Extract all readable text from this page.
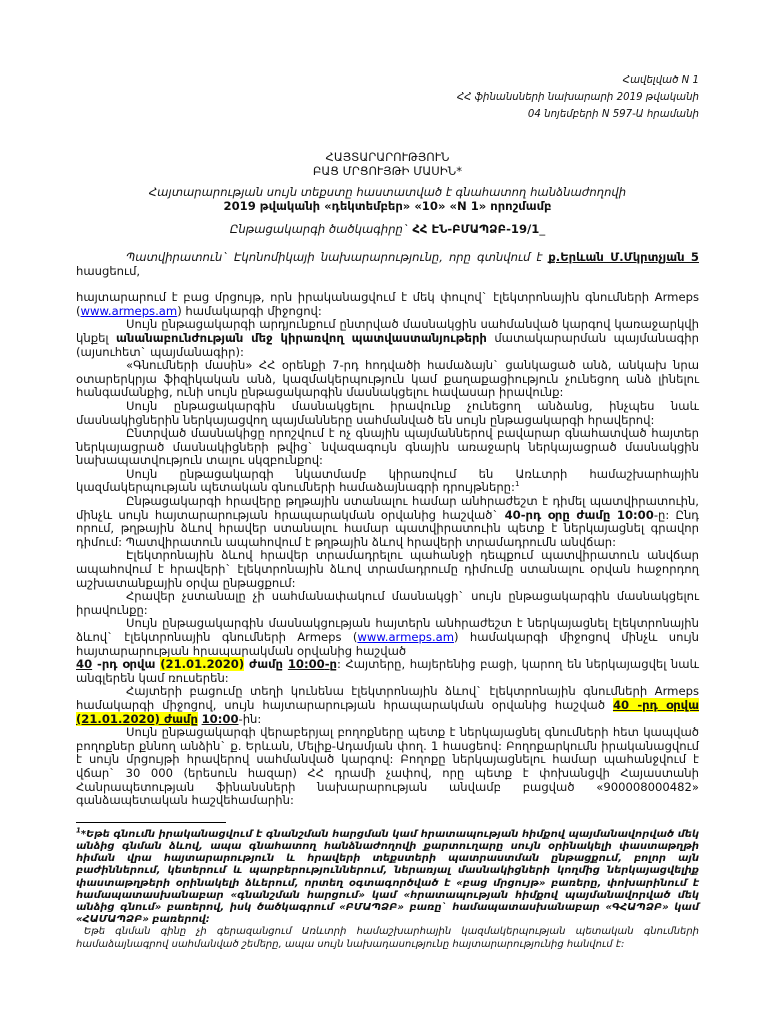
Հավելված N 1
ՀՀ ֆինանսների նախարարի 2019 թվականի
04 նոյեմբերի N 597-Ա հրամանի
ՀԱՅՏԱՐԱՐՈՒԹՅՈՒՆ
ԲԱՑ ՄՐՑՈՒՅԹԻ ՄԱՍԻՆ*
Հայտարարության սույն տեքստը հաստատված է գնահատող հանձնաժողովի
2019 թվականի «դեկտեմբեր» «10» «N 1» որոշմամբ
Ընթացակարգի ծածկագիրը` ՀՀ ԷՆ-ԲՄԱՊՁԲ-19/1_
Պատվիրատուն` Էկոնոմիկայի նախարարությունը, որը գտնվում է ք.Երևան Մ.Մկրտչյան 5 հասցեում,
հայտարարում է բաց մրցույթ, որն իրականացվում է մեկ փուլով` էլեկտրոնային գնումների Armeps (www.armeps.am) համակարգի միջոցով:
Սույն ընթացակարգի արդյունքում ընտրված մասնակցին սահմանված կարգով կառաջարկվի կնքել անանաբունժության մեջ կիրառվող պատվաստանյութերի մատակարարման պայմանագիր (այսուհետ` պայմանագիր):
«Գնումների մասին» ՀՀ օրենքի 7-րդ հոդվածի համաձայն` ցանկացած անձ, անկախ նրա օտարերկրյա ֆիզիկական անձ, կազմակերպություն կամ քաղաքացիություն չունեցող անձ լինելու հանգամանքից, ունի սույն ընթացակարգին մասնակցելու հավասար իրավունք:
Սույն ընթացակարգին մասնակցելու իրավունք չունեցող անձանց, ինչպես նաև մասնակիցներին ներկայացվող պայմանները սահմանված են սույն ընթացակարգի հրավերով:
Ընտրված մասնակիցը որոշվում է ոչ գնային պայմաններով բավարար գնահատված հայտեր ներկայացրած մասնակիցների թվից` նվազագույն գնային առաջարկ ներկայացրած մասնակցին նախապատվություն տալու սկզբունքով:
Սույն ընթացակարգի նկատմամբ կիրառվում են Առևտրի համաշխարհային կազմակերպության պետական գնումների համաձայնագրի դրույթները:$^1$
Ընթացակարգի հրավերը թղթային ստանալու համար անհրաժեշտ է դիմել պատվիրատուին, մինչև սույն հայտարարության հրապարակման օրվանից հաշված` 40-րդ օրը ժամը 10:00-ը: Ընդ որում, թղթային ձևով հրավեր ստանալու համար պատվիրատուին պետք է ներկայացնել գրավոր դիմում: Պատվիրատուն ապահովում է թղթային ձևով հրավերի տրամադրումն անվճար:
Էլեկտրոնային ձևով հրավեր տրամադրելու պահանջի դեպքում պատվիրատուն անվճար ապահովում է հրավերի` էլեկտրոնային ձևով տրամադրումը դիմումը ստանալու օրվան հաջորդող աշխատանքային օրվա ընթացքում:
Հրավեր չստանալը չի սահմանափակում մասնակցի` սույն ընթացակարգին մասնակցելու իրավունքը:
Սույն ընթացակարգին մասնակցության հայտերն անհրաժեշտ է ներկայացնել էլեկտրոնային ձևով` էլեկտրոնային գնումների Armeps (www.armeps.am) համակարգի միջոցով մինչև սույն հայտարարության հրապարակման օրվանից հաշված
40 -րդ օրվա (21.01.2020) ժամը 10:00-ը: Հայտերը, հայերենից բացի, կարող են ներկայացվել նաև անգլերեն կամ ռուսերեն:
Հայտերի բացումը տեղի կունենա էլեկտրոնային ձևով` էլեկտրոնային գնումների Armeps համակարգի միջոցով, սույն հայտարարության հրապարակման օրվանից հաշված 40 -րդ օրվա (21.01.2020) ժամը 10:00-ին:
Սույն ընթացակարգի վերաբերյալ բողոքները պետք է ներկայացնել գնումների հետ կապված բողոքներ քննող անձին` ք. Երևան, Մելիք-Ադամյան փող. 1 հասցեով: Բողոքարկումն իրականացվում է սույն մրցույթի հրավերով սահմանված կարգով: Բողոքը ներկայացնելու համար պահանջվում է վճար` 30 000 (երեսուն հազար) ՀՀ դրամի չափով, որը պետք է փոխանցվի Հայաստանի Հանրապետության ֆինանսների նախարարության անվամբ բացված «900008000482» գանձապետական հաշվեհամարին:
$^1$*Եթե գնումն իրականացվում է գնանշման հարցման կամ հրատապության հիմքով պայմանավորված մեկ անձից գնման ձևով, ապա գնահատող հանձնաժողովի քարտուղարը սույն օրինակելի փաստաթղթի հիման վրա հայտարարություն և հրավերի տեքստերի պատրաստման ընթացքում, բոլոր այն բաժիններում, կետերում և պարբերություններում, ներառյալ մասնակիցների կողմից ներկայացվելիք փաստաթղթերի օրինակելի ձևերում, որտեղ օգտագործված է «բաց մրցույթ» բառերը, փոխարինում է համապատասխանաբար «գնանշման հարցում» կամ «հրատապության հիմքով պայմանավորված մեկ անձից գնում» բառերով, իսկ ծածկագրում «ԲՄԱՊՁԲ» բառը` համապատասխանաբար «ԳՀԱՊՁԲ» կամ «ՀԱՄԱՊՁԲ» բառերով:
Եթե գնման գինը չի գերազանցում Առևտրի համաշխարհային կազմակերպության պետական գնումների համաձայնագրով սահմանված շեմերը, ապա սույն նախադասությունը հայտարարությունից հանվում է:
